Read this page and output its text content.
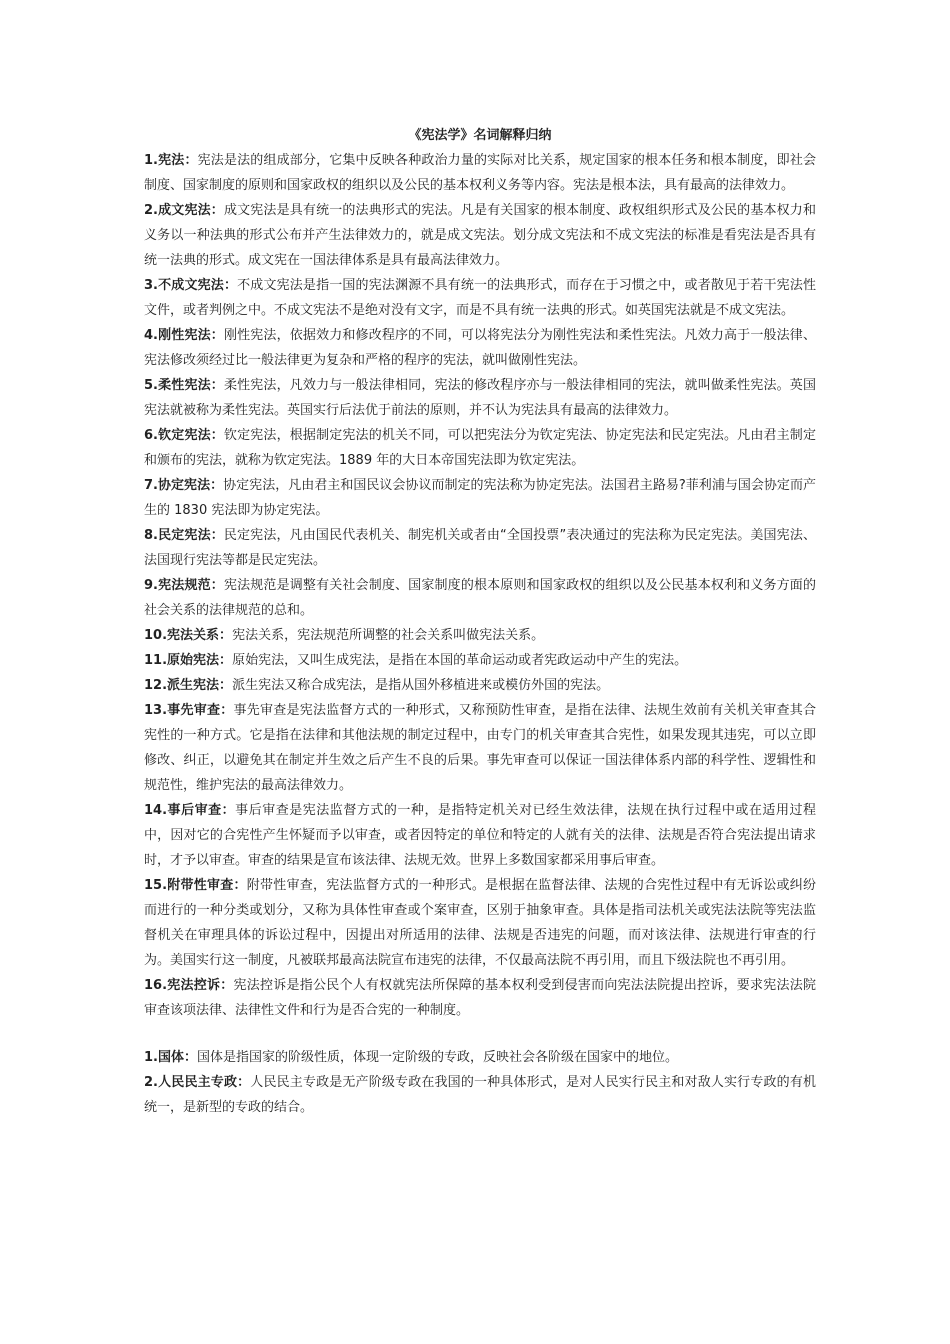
《宪法学》名词解释归纳

1.宪法：宪法是法的组成部分，它集中反映各种政治力量的实际对比关系，规定国家的根本任务和根本制度，即社会制度、国家制度的原则和国家政权的组织以及公民的基本权利义务等内容。宪法是根本法，具有最高的法律效力。

2.成文宪法：成文宪法是具有统一的法典形式的宪法。凡是有关国家的根本制度、政权组织形式及公民的基本权力和义务以一种法典的形式公布并产生法律效力的，就是成文宪法。划分成文宪法和不成文宪法的标准是看宪法是否具有统一法典的形式。成文宪在一国法律体系是具有最高法律效力。

3.不成文宪法：不成文宪法是指一国的宪法渊源不具有统一的法典形式，而存在于习惯之中，或者散见于若干宪法性文件，或者判例之中。不成文宪法不是绝对没有文字，而是不具有统一法典的形式。如英国宪法就是不成文宪法。

4.刚性宪法：刚性宪法，依据效力和修改程序的不同，可以将宪法分为刚性宪法和柔性宪法。凡效力高于一般法律、宪法修改须经过比一般法律更为复杂和严格的程序的宪法，就叫做刚性宪法。

5.柔性宪法：柔性宪法，凡效力与一般法律相同，宪法的修改程序亦与一般法律相同的宪法，就叫做柔性宪法。英国宪法就被称为柔性宪法。英国实行后法优于前法的原则，并不认为宪法具有最高的法律效力。

6.钦定宪法：钦定宪法，根据制定宪法的机关不同，可以把宪法分为钦定宪法、协定宪法和民定宪法。凡由君主制定和颁布的宪法，就称为钦定宪法。1889 年的大日本帝国宪法即为钦定宪法。

7.协定宪法：协定宪法，凡由君主和国民议会协议而制定的宪法称为协定宪法。法国君主路易?菲利浦与国会协定而产生的 1830 宪法即为协定宪法。

8.民定宪法：民定宪法，凡由国民代表机关、制宪机关或者由“全国投票”表决通过的宪法称为民定宪法。美国宪法、法国现行宪法等都是民定宪法。

9.宪法规范：宪法规范是调整有关社会制度、国家制度的根本原则和国家政权的组织以及公民基本权利和义务方面的社会关系的法律规范的总和。

10.宪法关系：宪法关系，宪法规范所调整的社会关系叫做宪法关系。

11.原始宪法：原始宪法，又叫生成宪法，是指在本国的革命运动或者宪政运动中产生的宪法。

12.派生宪法：派生宪法又称合成宪法，是指从国外移植进来或模仿外国的宪法。

13.事先审查：事先审查是宪法监督方式的一种形式，又称预防性审查，是指在法律、法规生效前有关机关审查其合宪性的一种方式。它是指在法律和其他法规的制定过程中，由专门的机关审查其合宪性，如果发现其违宪，可以立即修改、纠正，以避免其在制定并生效之后产生不良的后果。事先审查可以保证一国法律体系内部的科学性、逻辑性和规范性，维护宪法的最高法律效力。

14.事后审查：事后审查是宪法监督方式的一种，是指特定机关对已经生效法律，法规在执行过程中或在适用过程中，因对它的合宪性产生怀疑而予以审查，或者因特定的单位和特定的人就有关的法律、法规是否符合宪法提出请求时，才予以审查。审查的结果是宣布该法律、法规无效。世界上多数国家都采用事后审查。

15.附带性审查：附带性审查，宪法监督方式的一种形式。是根据在监督法律、法规的合宪性过程中有无诉讼或纠纷而进行的一种分类或划分，又称为具体性审查或个案审查，区别于抽象审查。具体是指司法机关或宪法法院等宪法监督机关在审理具体的诉讼过程中，因提出对所适用的法律、法规是否违宪的问题，而对该法律、法规进行审查的行为。美国实行这一制度，凡被联邦最高法院宣布违宪的法律，不仅最高法院不再引用，而且下级法院也不再引用。

16.宪法控诉：宪法控诉是指公民个人有权就宪法所保障的基本权利受到侵害而向宪法法院提出控诉，要求宪法法院审查该项法律、法律性文件和行为是否合宪的一种制度。

1.国体：国体是指国家的阶级性质，体现一定阶级的专政，反映社会各阶级在国家中的地位。

2.人民民主专政：人民民主专政是无产阶级专政在我国的一种具体形式，是对人民实行民主和对敌人实行专政的有机统一，是新型的专政的结合。
